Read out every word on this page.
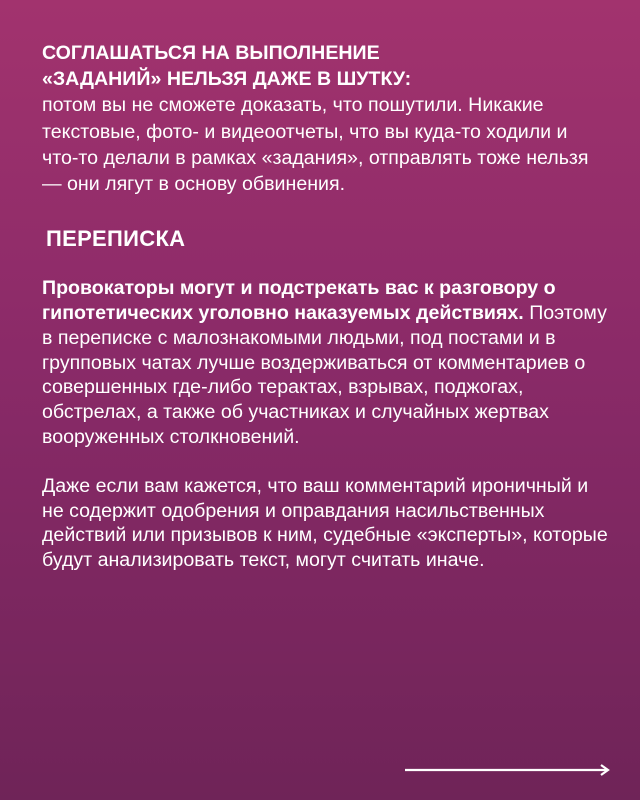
СОГЛАШАТЬСЯ НА ВЫПОЛНЕНИЕ
«ЗАДАНИЙ» НЕЛЬЗЯ ДАЖЕ В ШУТКУ:
потом вы не сможете доказать, что пошутили. Никакие текстовые, фото- и видеоотчеты, что вы куда-то ходили и что-то делали в рамках «задания», отправлять тоже нельзя — они лягут в основу обвинения.

ПЕРЕПИСКА

Провокаторы могут и подстрекать вас к разговору о гипотетических уголовно наказуемых действиях. Поэтому в переписке с малознакомыми людьми, под постами и в групповых чатах лучше воздерживаться от комментариев о совершенных где-либо терактах, взрывах, поджогах, обстрелах, а также об участниках и случайных жертвах вооруженных столкновений.

Даже если вам кажется, что ваш комментарий ироничный и не содержит одобрения и оправдания насильственных действий или призывов к ним, судебные «эксперты», которые будут анализировать текст, могут считать иначе.
